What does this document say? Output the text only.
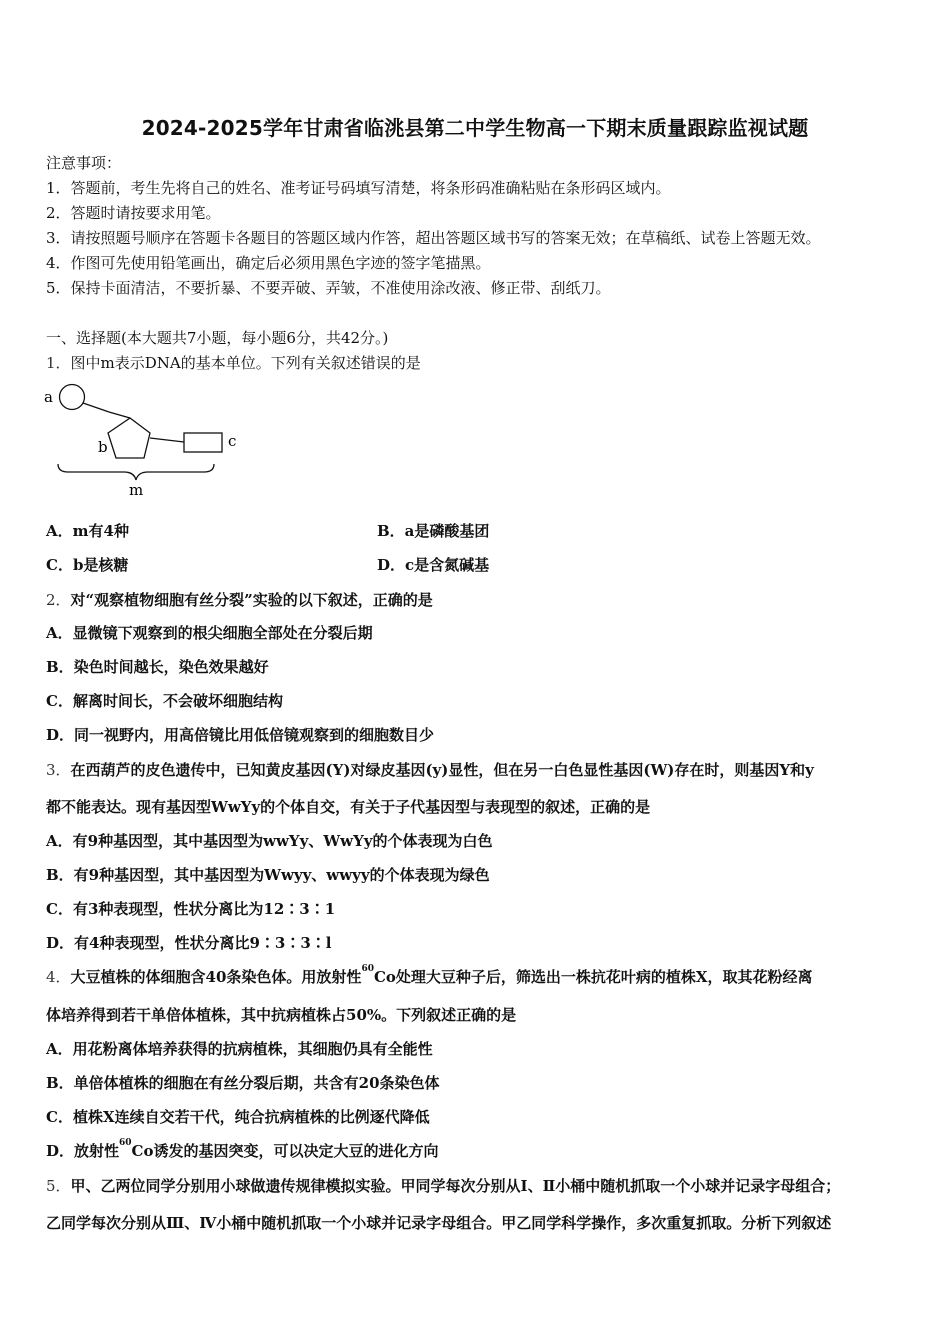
2024-2025学年甘肃省临洮县第二中学生物高一下期末质量跟踪监视试题
注意事项：
1．答题前，考生先将自己的姓名、准考证号码填写清楚，将条形码准确粘贴在条形码区域内。
2．答题时请按要求用笔。
3．请按照题号顺序在答题卡各题目的答题区域内作答，超出答题区域书写的答案无效；在草稿纸、试卷上答题无效。
4．作图可先使用铅笔画出，确定后必须用黑色字迹的签字笔描黑。
5．保持卡面清洁，不要折暴、不要弄破、弄皱，不准使用涂改液、修正带、刮纸刀。
一、选择题(本大题共7小题，每小题6分，共42分。)
1．图中m表示DNA的基本单位。下列有关叙述错误的是
a
b	c
m
A．m有4种	B．a是磷酸基团
C．b是核糖	D．c是含氮碱基
2．对“观察植物细胞有丝分裂”实验的以下叙述，正确的是
A．显微镜下观察到的根尖细胞全部处在分裂后期
B．染色时间越长，染色效果越好
C．解离时间长，不会破坏细胞结构
D．同一视野内，用高倍镜比用低倍镜观察到的细胞数目少
3．在西葫芦的皮色遗传中，已知黄皮基因(Y)对绿皮基因(y)显性，但在另一白色显性基因(W)存在时，则基因Y和y
都不能表达。现有基因型WwYy的个体自交，有关于子代基因型与表现型的叙述，正确的是
A．有9种基因型，其中基因型为wwYy、WwYy的个体表现为白色
B．有9种基因型，其中基因型为Wwyy、wwyy的个体表现为绿色
C．有3种表现型，性状分离比为12∶3∶1
D．有4种表现型，性状分离比9∶3∶3∶l
4．大豆植株的体细胞含40条染色体。用放射性$^{60}$Co处理大豆种子后，筛选出一株抗花叶病的植株X，取其花粉经离
体培养得到若干单倍体植株，其中抗病植株占50%。下列叙述正确的是
A．用花粉离体培养获得的抗病植株，其细胞仍具有全能性
B．单倍体植株的细胞在有丝分裂后期，共含有20条染色体
C．植株X连续自交若干代，纯合抗病植株的比例逐代降低
D．放射性$^{60}$Co诱发的基因突变，可以决定大豆的进化方向
5．甲、乙两位同学分别用小球做遗传规律模拟实验。甲同学每次分别从Ⅰ、Ⅱ小桶中随机抓取一个小球并记录字母组合；
乙同学每次分别从Ⅲ、Ⅳ小桶中随机抓取一个小球并记录字母组合。甲乙同学科学操作，多次重复抓取。分析下列叙述
